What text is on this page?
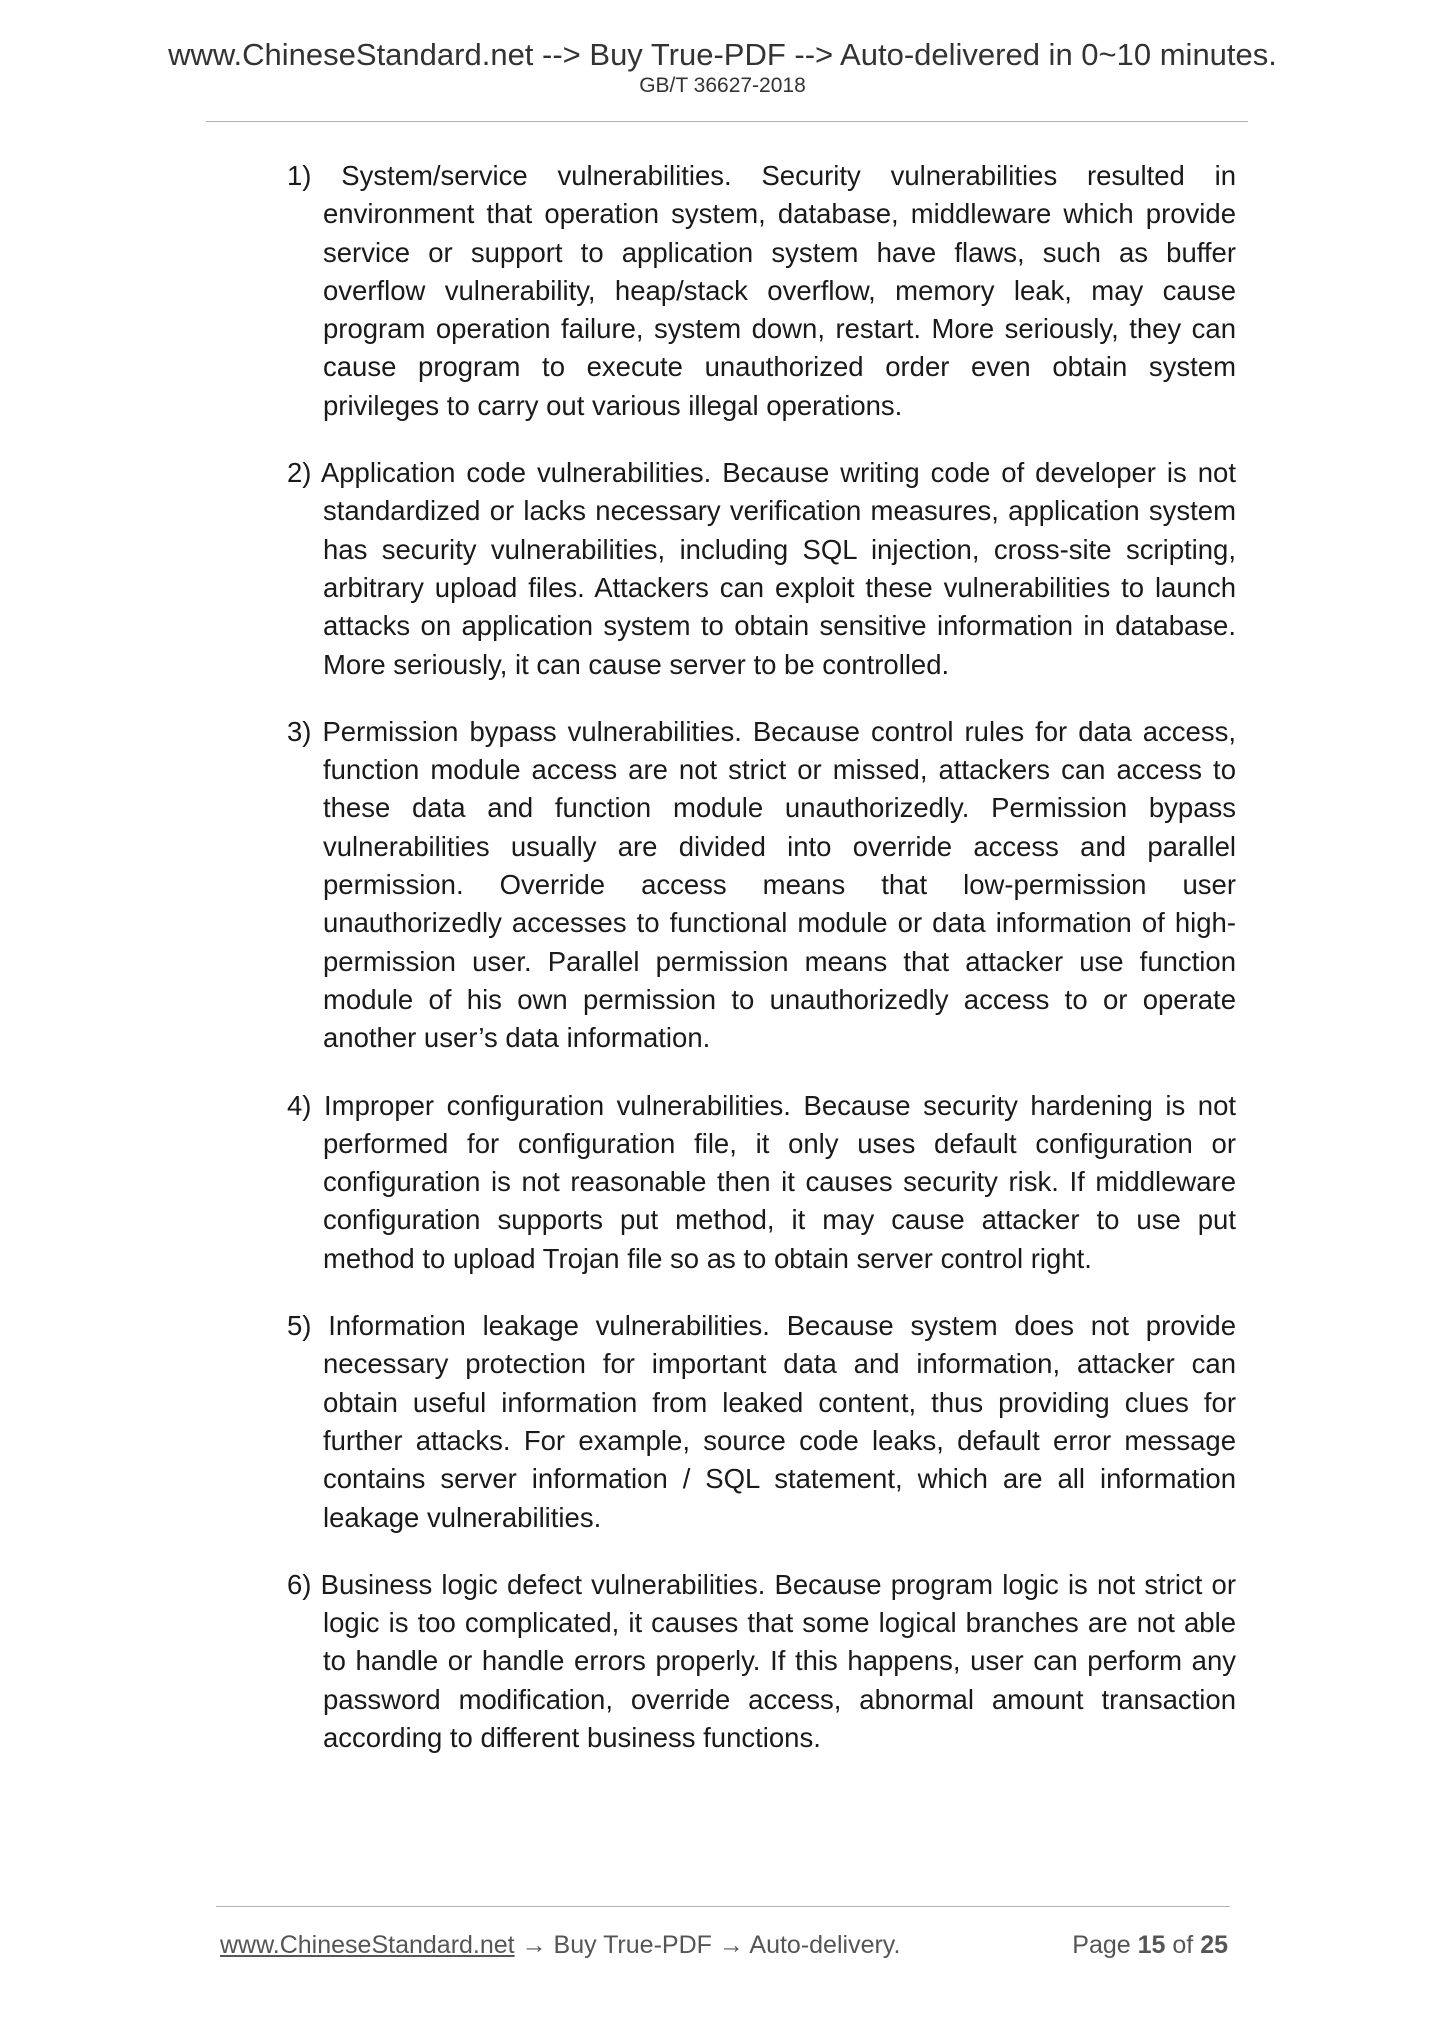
www.ChineseStandard.net --> Buy True-PDF --> Auto-delivered in 0~10 minutes.
GB/T 36627-2018

1) System/service vulnerabilities. Security vulnerabilities resulted in environment that operation system, database, middleware which provide service or support to application system have flaws, such as buffer overflow vulnerability, heap/stack overflow, memory leak, may cause program operation failure, system down, restart. More seriously, they can cause program to execute unauthorized order even obtain system privileges to carry out various illegal operations.

2) Application code vulnerabilities. Because writing code of developer is not standardized or lacks necessary verification measures, application system has security vulnerabilities, including SQL injection, cross-site scripting, arbitrary upload files. Attackers can exploit these vulnerabilities to launch attacks on application system to obtain sensitive information in database. More seriously, it can cause server to be controlled.

3) Permission bypass vulnerabilities. Because control rules for data access, function module access are not strict or missed, attackers can access to these data and function module unauthorizedly. Permission bypass vulnerabilities usually are divided into override access and parallel permission. Override access means that low-permission user unauthorizedly accesses to functional module or data information of high-permission user. Parallel permission means that attacker use function module of his own permission to unauthorizedly access to or operate another user’s data information.

4) Improper configuration vulnerabilities. Because security hardening is not performed for configuration file, it only uses default configuration or configuration is not reasonable then it causes security risk. If middleware configuration supports put method, it may cause attacker to use put method to upload Trojan file so as to obtain server control right.

5) Information leakage vulnerabilities. Because system does not provide necessary protection for important data and information, attacker can obtain useful information from leaked content, thus providing clues for further attacks. For example, source code leaks, default error message contains server information / SQL statement, which are all information leakage vulnerabilities.

6) Business logic defect vulnerabilities. Because program logic is not strict or logic is too complicated, it causes that some logical branches are not able to handle or handle errors properly. If this happens, user can perform any password modification, override access, abnormal amount transaction according to different business functions.

www.ChineseStandard.net → Buy True-PDF → Auto-delivery.	Page 15 of 25
